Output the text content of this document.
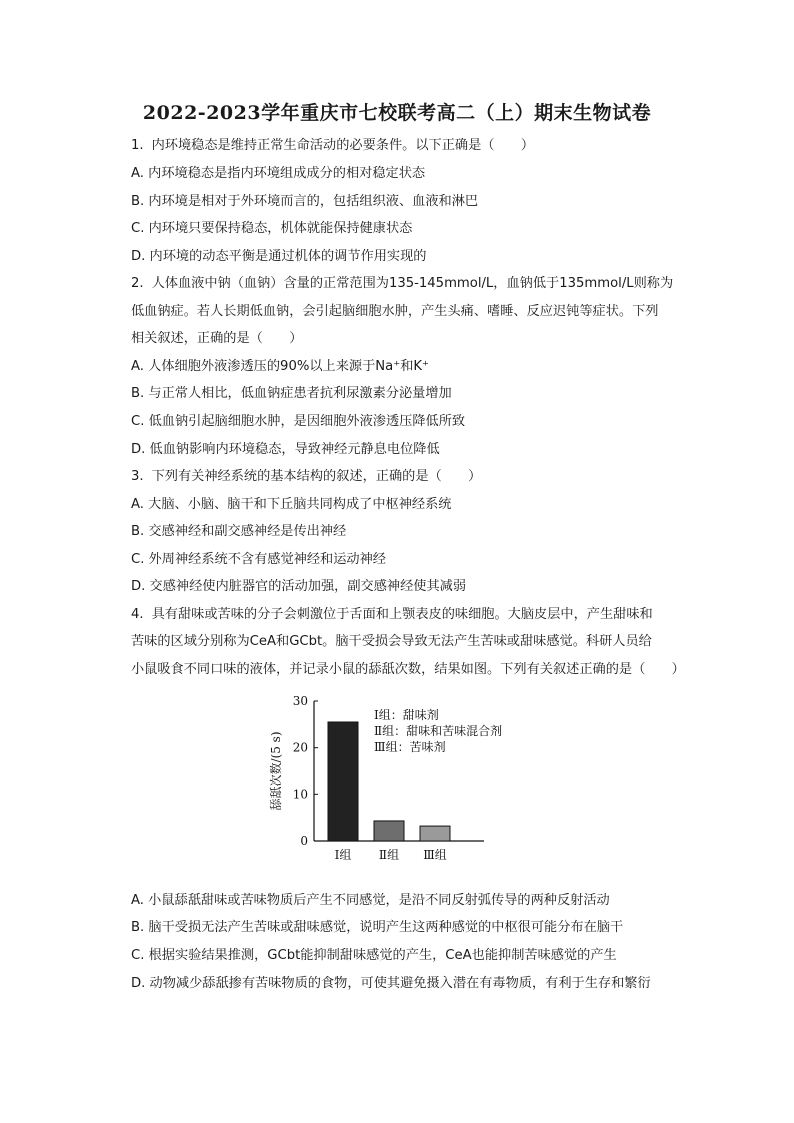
2022-2023学年重庆市七校联考高二（上）期末生物试卷
1. 内环境稳态是维持正常生命活动的必要条件。以下正确是（　　）
A. 内环境稳态是指内环境组成成分的相对稳定状态
B. 内环境是相对于外环境而言的，包括组织液、血液和淋巴
C. 内环境只要保持稳态，机体就能保持健康状态
D. 内环境的动态平衡是通过机体的调节作用实现的
2. 人体血液中钠（血钠）含量的正常范围为135-145mmol/L，血钠低于135mmol/L则称为
低血钠症。若人长期低血钠，会引起脑细胞水肿，产生头痛、嗜睡、反应迟钝等症状。下列
相关叙述，正确的是（　　）
A. 人体细胞外液渗透压的90%以上来源于Na⁺和K⁺
B. 与正常人相比，低血钠症患者抗利尿激素分泌量增加
C. 低血钠引起脑细胞水肿，是因细胞外液渗透压降低所致
D. 低血钠影响内环境稳态，导致神经元静息电位降低
3. 下列有关神经系统的基本结构的叙述，正确的是（　　）
A. 大脑、小脑、脑干和下丘脑共同构成了中枢神经系统
B. 交感神经和副交感神经是传出神经
C. 外周神经系统不含有感觉神经和运动神经
D. 交感神经使内脏器官的活动加强，副交感神经使其减弱
4. 具有甜味或苦味的分子会刺激位于舌面和上颚表皮的味细胞。大脑皮层中，产生甜味和
苦味的区域分别称为CeA和GCbt。脑干受损会导致无法产生苦味或甜味感觉。科研人员给
小鼠吸食不同口味的液体，并记录小鼠的舔舐次数，结果如图。下列有关叙述正确的是（　　）
0
10
20
30
舔舐次数/(5 s)
Ⅰ组 Ⅱ组 Ⅲ组
Ⅰ组：甜味剂
Ⅱ组：甜味和苦味混合剂
Ⅲ组：苦味剂
A. 小鼠舔舐甜味或苦味物质后产生不同感觉，是沿不同反射弧传导的两种反射活动
B. 脑干受损无法产生苦味或甜味感觉，说明产生这两种感觉的中枢很可能分布在脑干
C. 根据实验结果推测，GCbt能抑制甜味感觉的产生，CeA也能抑制苦味感觉的产生
D. 动物减少舔舐掺有苦味物质的食物，可使其避免摄入潜在有毒物质，有利于生存和繁衍
